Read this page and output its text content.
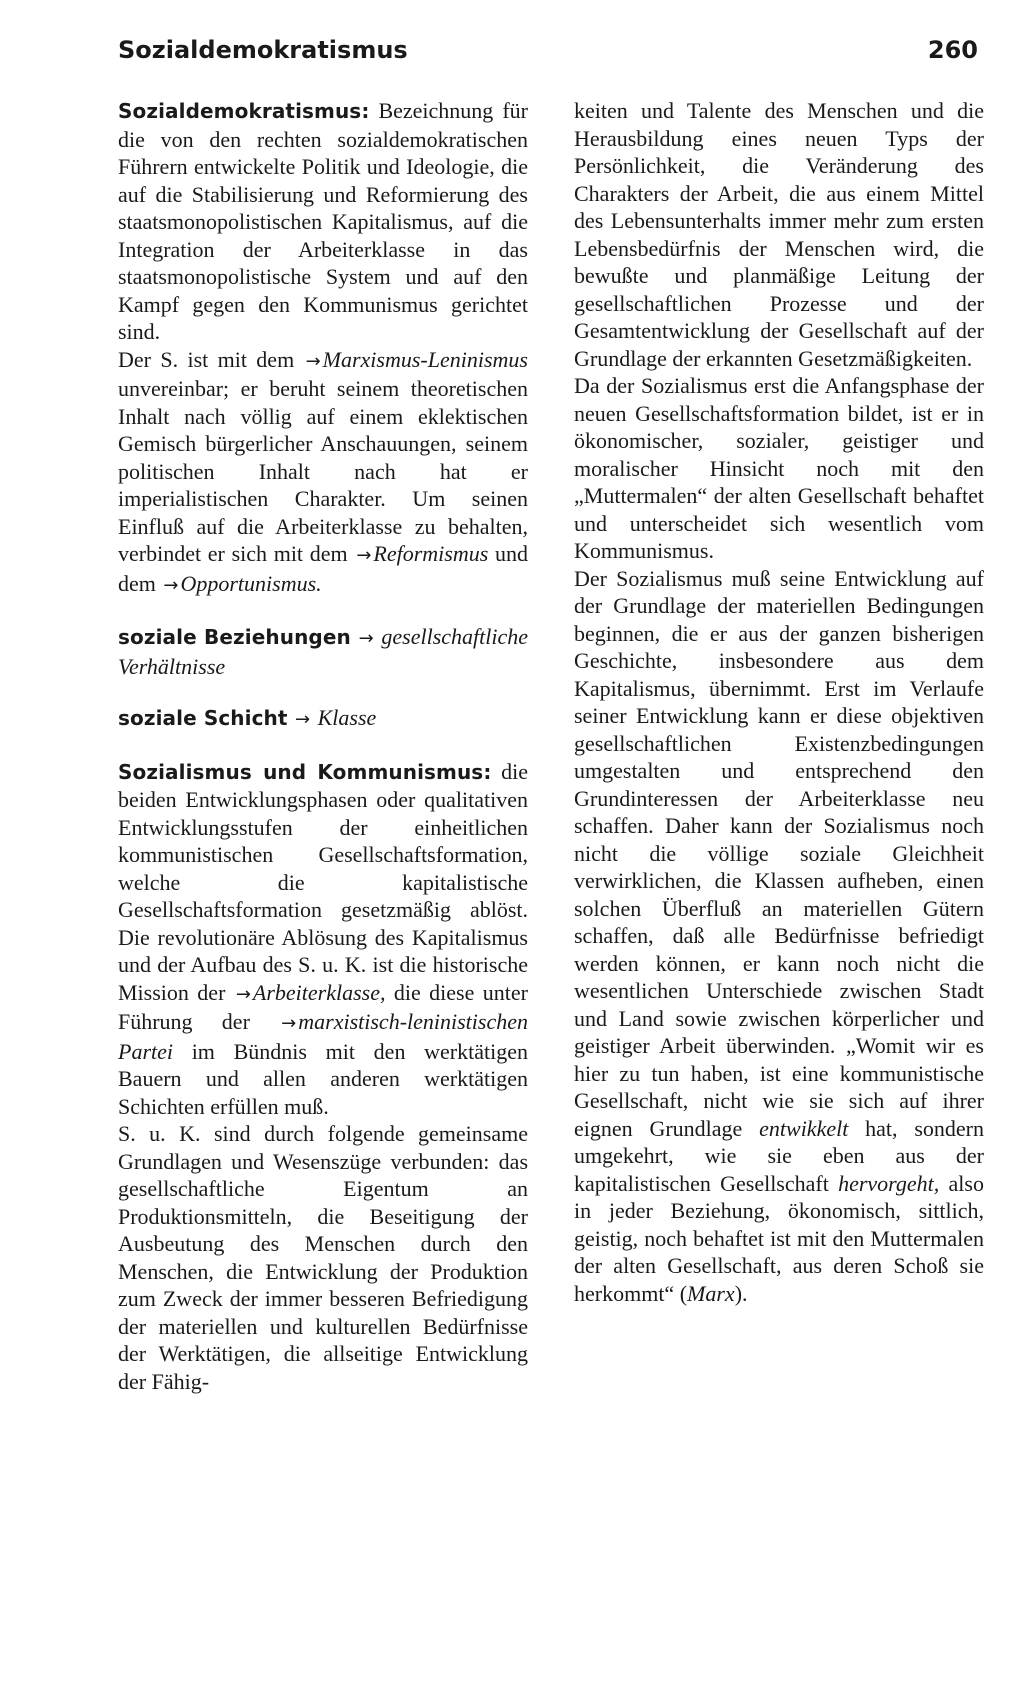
Sozialdemokratismus	260

Sozialdemokratismus: Bezeichnung für die von den rechten sozialdemokratischen Führern entwickelte Politik und Ideologie, die auf die Stabilisierung und Reformierung des staatsmonopolistischen Kapitalismus, auf die Integration der Arbeiterklasse in das staatsmonopolistische System und auf den Kampf gegen den Kommunismus gerichtet sind.

Der S. ist mit dem →Marxismus-Leninismus unvereinbar; er beruht seinem theoretischen Inhalt nach völlig auf einem eklektischen Gemisch bürgerlicher Anschauungen, seinem politischen Inhalt nach hat er imperialistischen Charakter. Um seinen Einfluß auf die Arbeiterklasse zu behalten, verbindet er sich mit dem →Reformismus und dem →Opportunismus.

soziale Beziehungen → gesellschaftliche Verhältnisse

soziale Schicht → Klasse

Sozialismus und Kommunismus: die beiden Entwicklungsphasen oder qualitativen Entwicklungsstufen der einheitlichen kommunistischen Gesellschaftsformation, welche die kapitalistische Gesellschaftsformation gesetzmäßig ablöst. Die revolutionäre Ablösung des Kapitalismus und der Aufbau des S. u. K. ist die historische Mission der →Arbeiterklasse, die diese unter Führung der →marxistisch-leninistischen Partei im Bündnis mit den werktätigen Bauern und allen anderen werktätigen Schichten erfüllen muß.

S. u. K. sind durch folgende gemeinsame Grundlagen und Wesenszüge verbunden: das gesellschaftliche Eigentum an Produktionsmitteln, die Beseitigung der Ausbeutung des Menschen durch den Menschen, die Entwicklung der Produktion zum Zweck der immer besseren Befriedigung der materiellen und kulturellen Bedürfnisse der Werktätigen, die allseitige Entwicklung der Fähig-

keiten und Talente des Menschen und die Herausbildung eines neuen Typs der Persönlichkeit, die Veränderung des Charakters der Arbeit, die aus einem Mittel des Lebensunterhalts immer mehr zum ersten Lebensbedürfnis der Menschen wird, die bewußte und planmäßige Leitung der gesellschaftlichen Prozesse und der Gesamtentwicklung der Gesellschaft auf der Grundlage der erkannten Gesetzmäßigkeiten.

Da der Sozialismus erst die Anfangsphase der neuen Gesellschaftsformation bildet, ist er in ökonomischer, sozialer, geistiger und moralischer Hinsicht noch mit den „Muttermalen“ der alten Gesellschaft behaftet und unterscheidet sich wesentlich vom Kommunismus.

Der Sozialismus muß seine Entwicklung auf der Grundlage der materiellen Bedingungen beginnen, die er aus der ganzen bisherigen Geschichte, insbesondere aus dem Kapitalismus, übernimmt. Erst im Verlaufe seiner Entwicklung kann er diese objektiven gesellschaftlichen Existenzbedingungen umgestalten und entsprechend den Grundinteressen der Arbeiterklasse neu schaffen. Daher kann der Sozialismus noch nicht die völlige soziale Gleichheit verwirklichen, die Klassen aufheben, einen solchen Überfluß an materiellen Gütern schaffen, daß alle Bedürfnisse befriedigt werden können, er kann noch nicht die wesentlichen Unterschiede zwischen Stadt und Land sowie zwischen körperlicher und geistiger Arbeit überwinden. „Womit wir es hier zu tun haben, ist eine kommunistische Gesellschaft, nicht wie sie sich auf ihrer eignen Grundlage entwikkelt hat, sondern umgekehrt, wie sie eben aus der kapitalistischen Gesellschaft hervorgeht, also in jeder Beziehung, ökonomisch, sittlich, geistig, noch behaftet ist mit den Muttermalen der alten Gesellschaft, aus deren Schoß sie herkommt“ (Marx).
